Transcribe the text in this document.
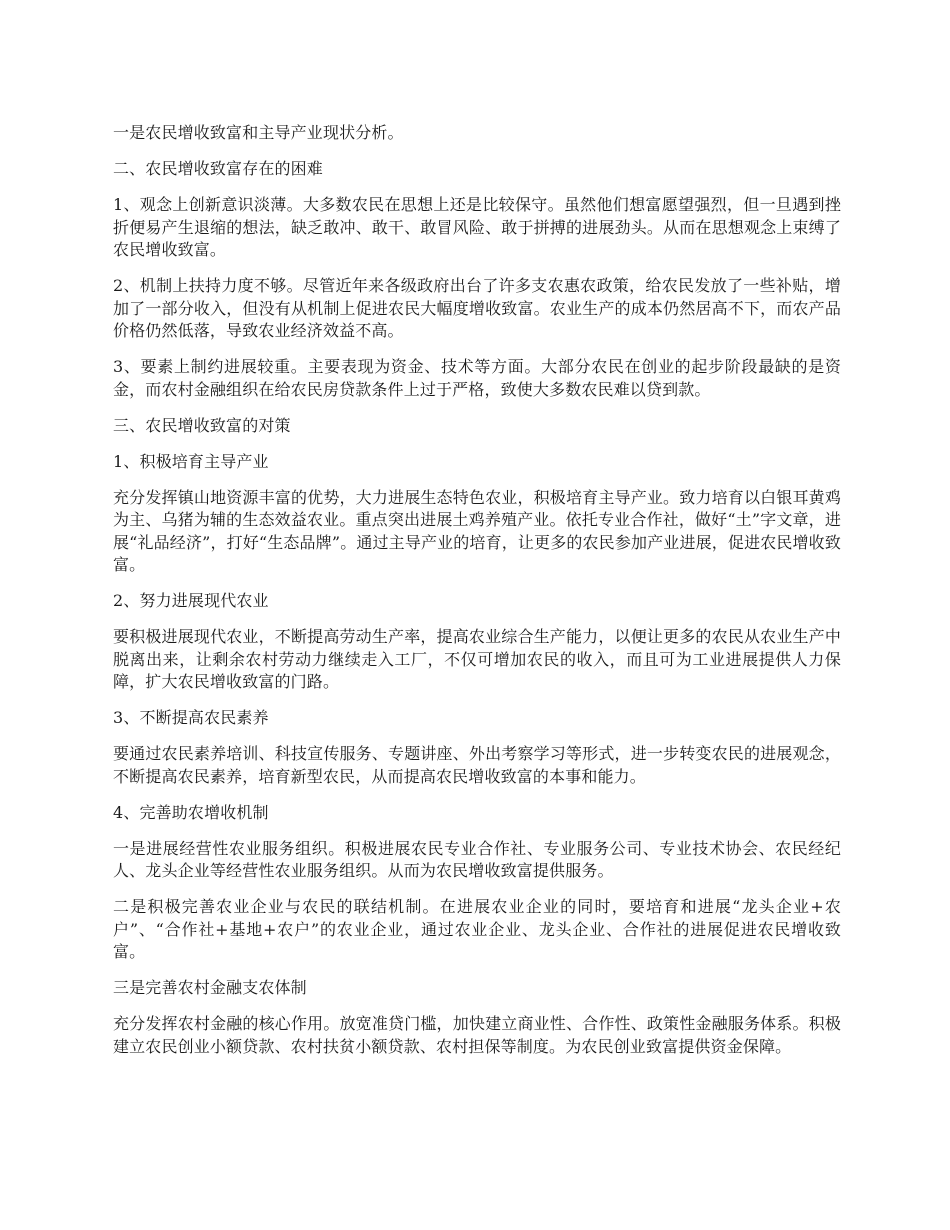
一是农民增收致富和主导产业现状分析。

二、农民增收致富存在的困难

1、观念上创新意识淡薄。大多数农民在思想上还是比较保守。虽然他们想富愿望强烈，但一旦遇到挫折便易产生退缩的想法，缺乏敢冲、敢干、敢冒风险、敢于拼搏的进展劲头。从而在思想观念上束缚了农民增收致富。

2、机制上扶持力度不够。尽管近年来各级政府出台了许多支农惠农政策，给农民发放了一些补贴，增加了一部分收入，但没有从机制上促进农民大幅度增收致富。农业生产的成本仍然居高不下，而农产品价格仍然低落，导致农业经济效益不高。

3、要素上制约进展较重。主要表现为资金、技术等方面。大部分农民在创业的起步阶段最缺的是资金，而农村金融组织在给农民房贷款条件上过于严格，致使大多数农民难以贷到款。

三、农民增收致富的对策

1、积极培育主导产业

充分发挥镇山地资源丰富的优势，大力进展生态特色农业，积极培育主导产业。致力培育以白银耳黄鸡为主、乌猪为辅的生态效益农业。重点突出进展土鸡养殖产业。依托专业合作社，做好“土”字文章，进展“礼品经济”，打好“生态品牌”。通过主导产业的培育，让更多的农民参加产业进展，促进农民增收致富。

2、努力进展现代农业

要积极进展现代农业，不断提高劳动生产率，提高农业综合生产能力，以便让更多的农民从农业生产中脱离出来，让剩余农村劳动力继续走入工厂，不仅可增加农民的收入，而且可为工业进展提供人力保障，扩大农民增收致富的门路。

3、不断提高农民素养

要通过农民素养培训、科技宣传服务、专题讲座、外出考察学习等形式，进一步转变农民的进展观念，不断提高农民素养，培育新型农民，从而提高农民增收致富的本事和能力。

4、完善助农增收机制

一是进展经营性农业服务组织。积极进展农民专业合作社、专业服务公司、专业技术协会、农民经纪人、龙头企业等经营性农业服务组织。从而为农民增收致富提供服务。

二是积极完善农业企业与农民的联结机制。在进展农业企业的同时，要培育和进展“龙头企业+农户”、“合作社+基地+农户”的农业企业，通过农业企业、龙头企业、合作社的进展促进农民增收致富。

三是完善农村金融支农体制

充分发挥农村金融的核心作用。放宽准贷门槛，加快建立商业性、合作性、政策性金融服务体系。积极建立农民创业小额贷款、农村扶贫小额贷款、农村担保等制度。为农民创业致富提供资金保障。
